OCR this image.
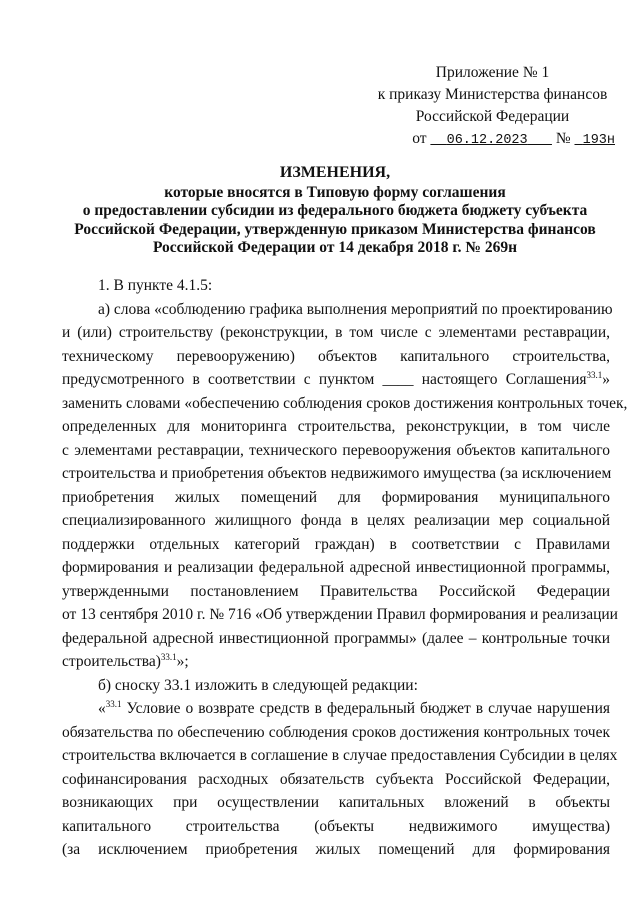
Приложение № 1
к приказу Министерства финансов
Российской Федерации
от 06.12.2023 № 193н
ИЗМЕНЕНИЯ,
которые вносятся в Типовую форму соглашения
о предоставлении субсидии из федерального бюджета бюджету субъекта
Российской Федерации, утвержденную приказом Министерства финансов
Российской Федерации от 14 декабря 2018 г. № 269н
1. В пункте 4.1.5:
а) слова «соблюдению графика выполнения мероприятий по проектированию
и (или) строительству (реконструкции, в том числе с элементами реставрации,
техническому перевооружению) объектов капитального строительства,
предусмотренного в соответствии с пунктом ____ настоящего Соглашения$^{33.1}$»
заменить словами «обеспечению соблюдения сроков достижения контрольных точек,
определенных для мониторинга строительства, реконструкции, в том числе
с элементами реставрации, технического перевооружения объектов капитального
строительства и приобретения объектов недвижимого имущества (за исключением
приобретения жилых помещений для формирования муниципального
специализированного жилищного фонда в целях реализации мер социальной
поддержки отдельных категорий граждан) в соответствии с Правилами
формирования и реализации федеральной адресной инвестиционной программы,
утвержденными постановлением Правительства Российской Федерации
от 13 сентября 2010 г. № 716 «Об утверждении Правил формирования и реализации
федеральной адресной инвестиционной программы» (далее – контрольные точки
строительства)$^{33.1}$»;
б) сноску 33.1 изложить в следующей редакции:
«$^{33.1}$ Условие о возврате средств в федеральный бюджет в случае нарушения
обязательства по обеспечению соблюдения сроков достижения контрольных точек
строительства включается в соглашение в случае предоставления Субсидии в целях
софинансирования расходных обязательств субъекта Российской Федерации,
возникающих при осуществлении капитальных вложений в объекты
капитального строительства (объекты недвижимого имущества)
(за исключением приобретения жилых помещений для формирования
